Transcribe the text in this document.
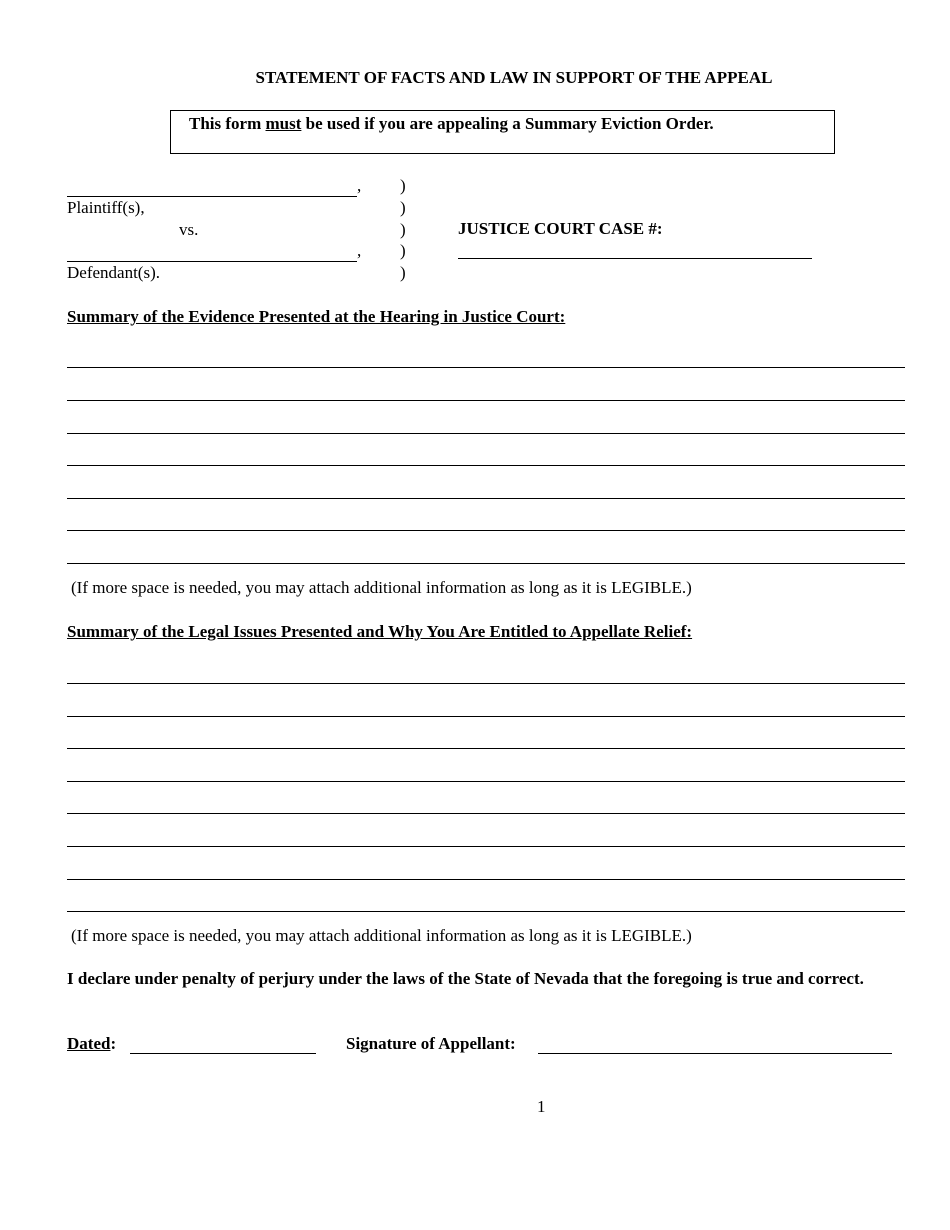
STATEMENT OF FACTS AND LAW IN SUPPORT OF THE APPEAL
This form must be used if you are appealing a Summary Eviction Order.
,
Plaintiff(s),
vs.
,
Defendant(s).
)
)
)
)
)
JUSTICE COURT CASE #:
Summary of the Evidence Presented at the Hearing in Justice Court:
(If more space is needed, you may attach additional information as long as it is LEGIBLE.)
Summary of the Legal Issues Presented and Why You Are Entitled to Appellate Relief:
(If more space is needed, you may attach additional information as long as it is LEGIBLE.)
I declare under penalty of perjury under the laws of the State of Nevada that the foregoing is true and correct.
Dated:
	Signature of Appellant:

1
